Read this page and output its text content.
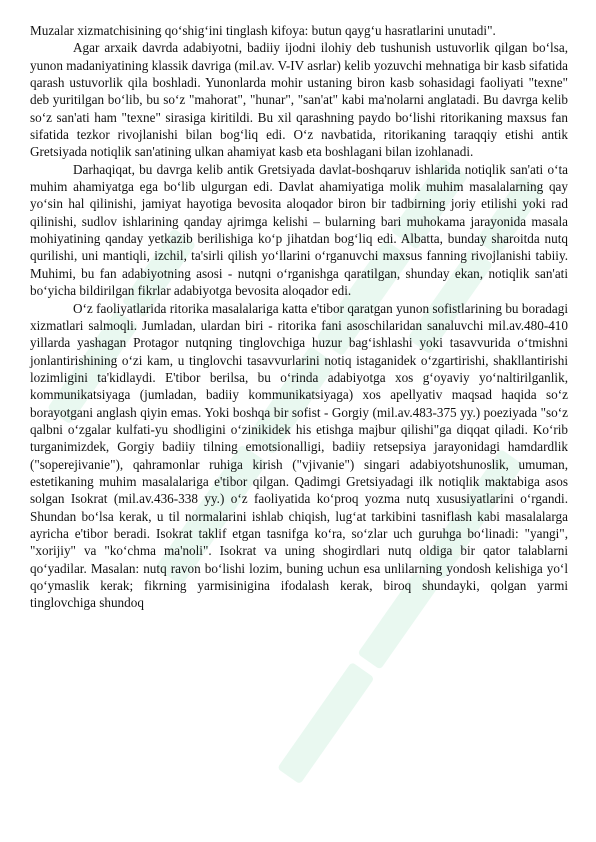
Muzalar xizmatchisining qo‘shig‘ini tinglash kifoya: butun qayg‘u hasratlarini unutadi".

Agar arxaik davrda adabiyotni, badiiy ijodni ilohiy deb tushunish ustuvorlik qilgan bo‘lsa, yunon madaniyatining klassik davriga (mil.av. V-IV asrlar) kelib yozuvchi mehnatiga bir kasb sifatida qarash ustuvorlik qila boshladi. Yunonlarda mohir ustaning biron kasb sohasidagi faoliyati "texne" deb yuritilgan bo‘lib, bu so‘z "mahorat", "hunar", "san'at" kabi ma'nolarni anglatadi. Bu davrga kelib so‘z san'ati ham "texne" sirasiga kiritildi. Bu xil qarashning paydo bo‘lishi ritorikaning maxsus fan sifatida tezkor rivojlanishi bilan bog‘liq edi. O‘z navbatida, ritorikaning taraqqiy etishi antik Gretsiyada notiqlik san'atining ulkan ahamiyat kasb eta boshlagani bilan izohlanadi.

Darhaqiqat, bu davrga kelib antik Gretsiyada davlat-boshqaruv ishlarida notiqlik san'ati o‘ta muhim ahamiyatga ega bo‘lib ulgurgan edi. Davlat ahamiyatiga molik muhim masalalarning qay yo‘sin hal qilinishi, jamiyat hayotiga bevosita aloqador biron bir tadbirning joriy etilishi yoki rad qilinishi, sudlov ishlarining qanday ajrimga kelishi – bularning bari muhokama jarayonida masala mohiyatining qanday yetkazib berilishiga ko‘p jihatdan bog‘liq edi. Albatta, bunday sharoitda nutq qurilishi, uni mantiqli, izchil, ta'sirli qilish yo‘llarini o‘rganuvchi maxsus fanning rivojlanishi tabiiy. Muhimi, bu fan adabiyotning asosi - nutqni o‘rganishga qaratilgan, shunday ekan, notiqlik san'ati bo‘yicha bildirilgan fikrlar adabiyotga bevosita aloqador edi.

O‘z faoliyatlarida ritorika masalalariga katta e'tibor qaratgan yunon sofistlarining bu boradagi xizmatlari salmoqli. Jumladan, ulardan biri - ritorika fani asoschilaridan sanaluvchi mil.av.480-410 yillarda yashagan Protagor nutqning tinglovchiga huzur bag‘ishlashi yoki tasavvurida o‘tmishni jonlantirishining o‘zi kam, u tinglovchi tasavvurlarini notiq istaganidek o‘zgartirishi, shakllantirishi lozimligini ta'kidlaydi. E'tibor berilsa, bu o‘rinda adabiyotga xos g‘oyaviy yo‘naltirilganlik, kommunikatsiyaga (jumladan, badiiy kommunikatsiyaga) xos apellyativ maqsad haqida so‘z borayotgani anglash qiyin emas. Yoki boshqa bir sofist - Gorgiy (mil.av.483-375 yy.) poeziyada "so‘z qalbni o‘zgalar kulfati-yu shodligini o‘zinikidek his etishga majbur qilishi"ga diqqat qiladi. Ko‘rib turganimizdek, Gorgiy badiiy tilning emotsionalligi, badiiy retsepsiya jarayonidagi hamdardlik ("soperejivanie"), qahramonlar ruhiga kirish ("vjivanie") singari adabiyotshunoslik, umuman, estetikaning muhim masalalariga e'tibor qilgan. Qadimgi Gretsiyadagi ilk notiqlik maktabiga asos solgan Isokrat (mil.av.436-338 yy.) o‘z faoliyatida ko‘proq yozma nutq xususiyatlarini o‘rgandi. Shundan bo‘lsa kerak, u til normalarini ishlab chiqish, lug‘at tarkibini tasniflash kabi masalalarga ayricha e'tibor beradi. Isokrat taklif etgan tasnifga ko‘ra, so‘zlar uch guruhga bo‘linadi: "yangi", "xorijiy" va "ko‘chma ma'noli". Isokrat va uning shogirdlari nutq oldiga bir qator talablarni qo‘yadilar. Masalan: nutq ravon bo‘lishi lozim, buning uchun esa unlilarning yondosh kelishiga yo‘l qo‘ymaslik kerak; fikrning yarmisinigina ifodalash kerak, biroq shundayki, qolgan yarmi tinglovchiga shundoq
